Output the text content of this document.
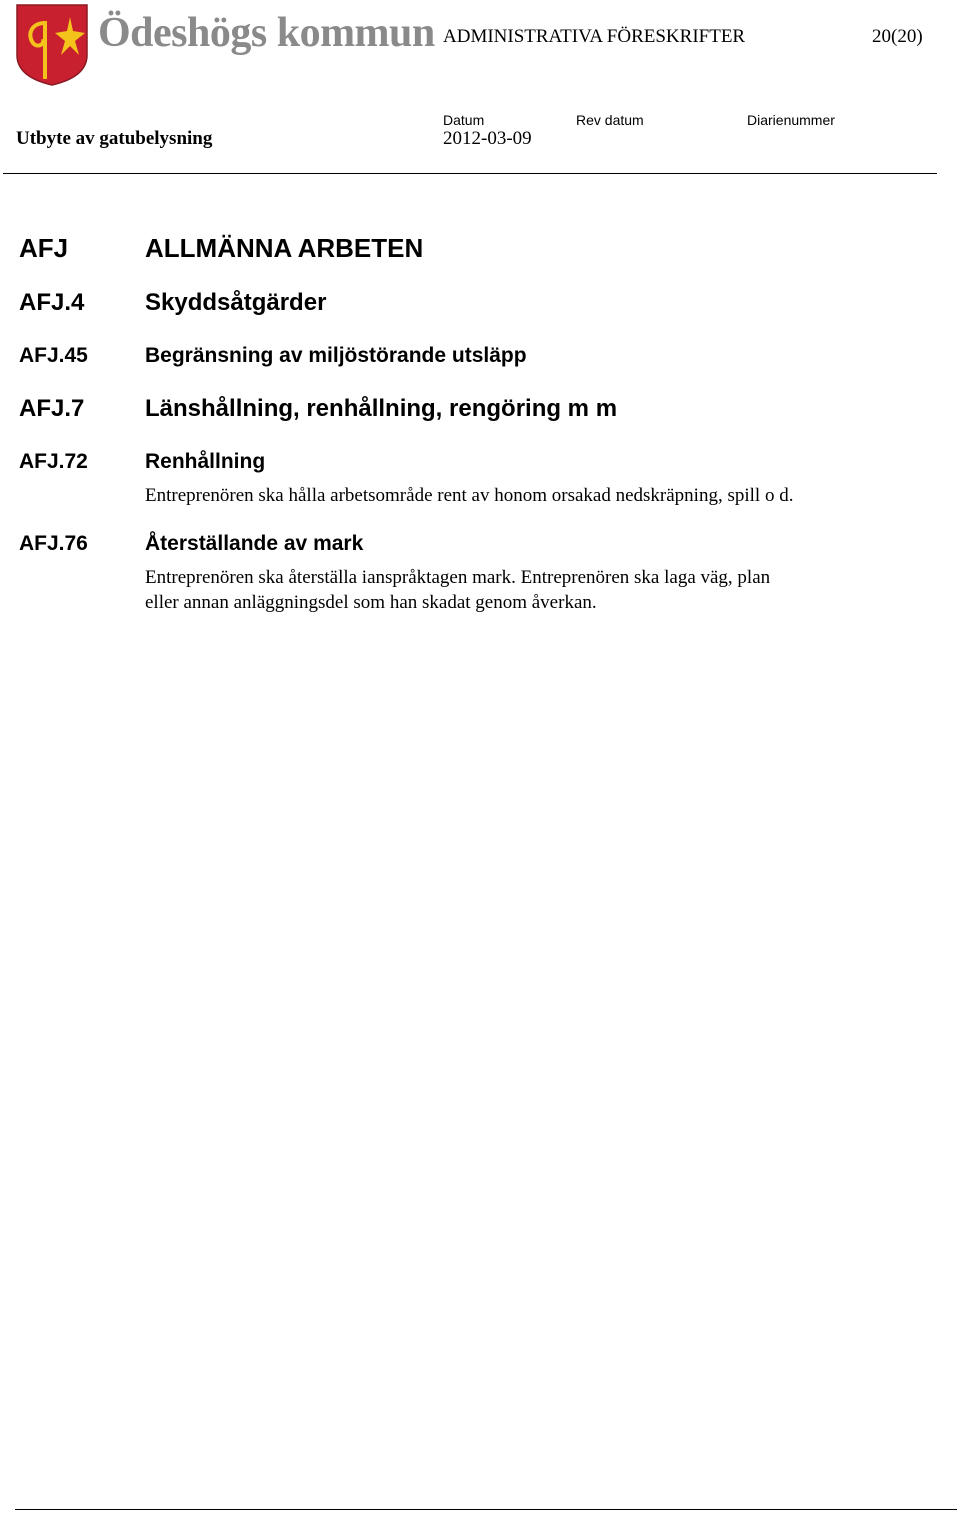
Ödeshögs kommun ADMINISTRATIVA FÖRESKRIFTER	20(20)
Utbyte av gatubelysning
Datum	Rev datum	Diarienummer
2012-03-09
AFJ	ALLMÄNNA ARBETEN
AFJ.4	Skyddsåtgärder
AFJ.45	Begränsning av miljöstörande utsläpp
AFJ.7	Länshållning, renhållning, rengöring m m
AFJ.72	Renhållning
Entreprenören ska hålla arbetsområde rent av honom orsakad nedskräpning, spill o d.
AFJ.76	Återställande av mark
Entreprenören ska återställa ianspråktagen mark. Entreprenören ska laga väg, plan
eller annan anläggningsdel som han skadat genom åverkan.
